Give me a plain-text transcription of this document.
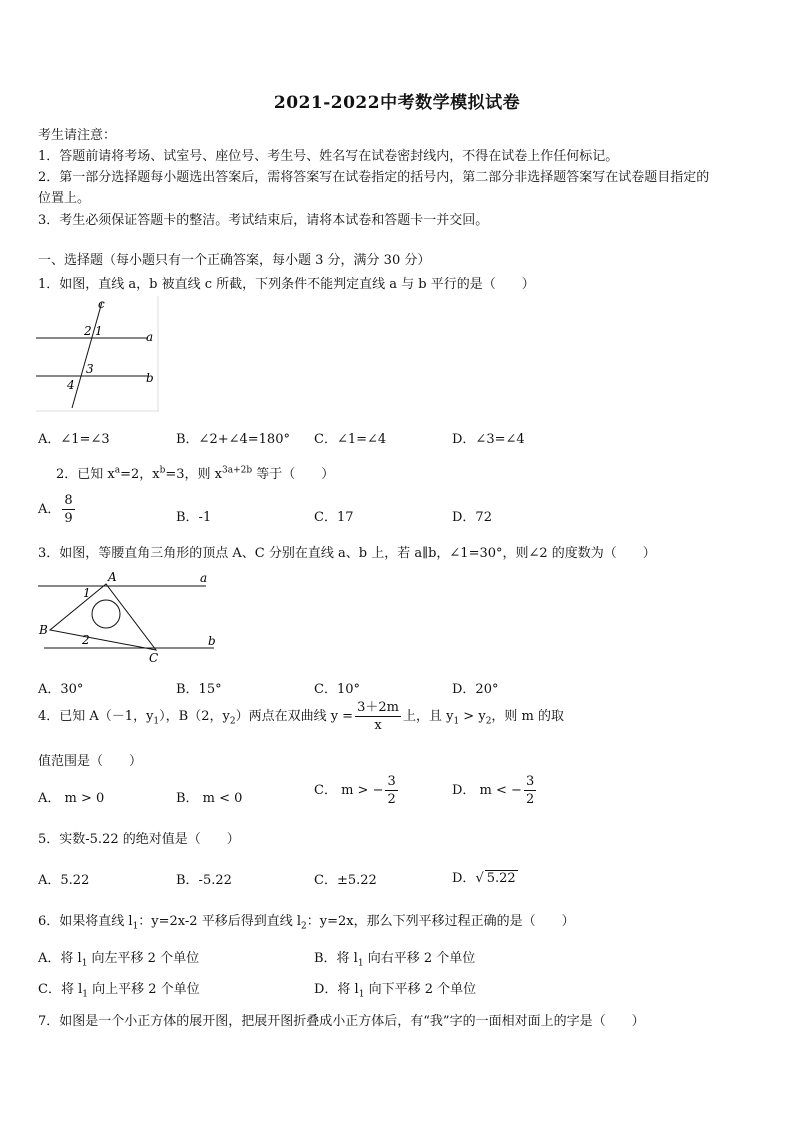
2021-2022中考数学模拟试卷
考生请注意：
1．答题前请将考场、试室号、座位号、考生号、姓名写在试卷密封线内，不得在试卷上作任何标记。
2．第一部分选择题每小题选出答案后，需将答案写在试卷指定的括号内，第二部分非选择题答案写在试卷题目指定的
位置上。
3．考生必须保证答题卡的整洁。考试结束后，请将本试卷和答题卡一并交回。
一、选择题（每小题只有一个正确答案，每小题 3 分，满分 30 分）
1．如图，直线 a，b 被直线 c 所截，下列条件不能判定直线 a 与 b 平行的是（　　）
c
a
b
2 1
3
4
A．∠1=∠3	B．∠2+∠4=180° C．∠1=∠4	D．∠3=∠4
2．已知 $x^a=2$，$x^b=3$，则 $x^{3a+2b}$ 等于（　　）
A． $\frac{8}{9}$	B．-1	C．17	D．72
3．如图，等腰直角三角形的顶点 A、C 分别在直线 a、b 上，若 a∥b，∠1=30°，则∠2 的度数为（　　）
A	a
B
C
b
1
2
A．30°	B．15°	C．10°	D．20°
4．已知 A（－1，$y_1$），B（2，$y_2$）两点在双曲线 $y = \frac{3+2m}{x}$ 上，且 $y_1 > y_2$，则 m 的取
值范围是（　　）
A． m > 0	B． m < 0
C． m > − $\frac{3}{2}$	D． m < − $\frac{3}{2}$
5．实数-5.22 的绝对值是（　　）
A．5.22	B．-5.22	C．±5.22	D．√ 5.22
6．如果将直线 $l_1$：y=2x-2 平移后得到直线 $l_2$：y=2x，那么下列平移过程正确的是（　　）
A．将 $l_1$ 向左平移 2 个单位	B．将 $l_1$ 向右平移 2 个单位
C．将 $l_1$ 向上平移 2 个单位	D．将 $l_1$ 向下平移 2 个单位
7．如图是一个小正方体的展开图，把展开图折叠成小正方体后，有“我”字的一面相对面上的字是（　　）
